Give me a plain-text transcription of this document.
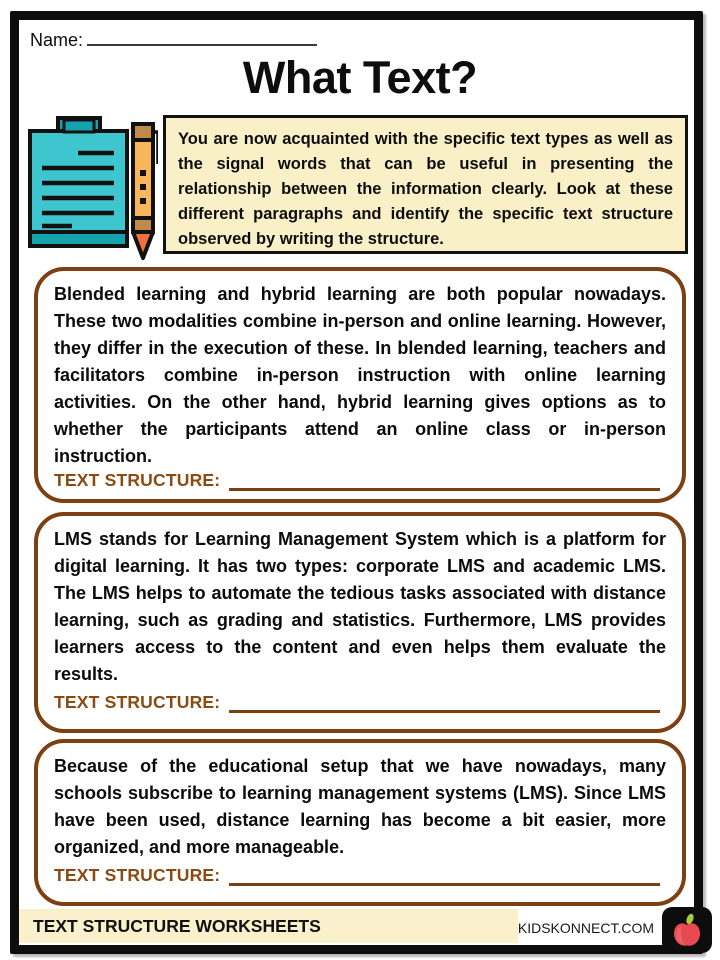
Name:
What Text?
You are now acquainted with the specific text types as well as the signal words that can be useful in presenting the relationship between the information clearly. Look at these different paragraphs and identify the specific text structure observed by writing the structure.

Blended learning and hybrid learning are both popular nowadays. These two modalities combine in-person and online learning. However, they differ in the execution of these. In blended learning, teachers and facilitators combine in-person instruction with online learning activities. On the other hand, hybrid learning gives options as to whether the participants attend an online class or in-person instruction.

TEXT STRUCTURE:

LMS stands for Learning Management System which is a platform for digital learning. It has two types: corporate LMS and academic LMS. The LMS helps to automate the tedious tasks associated with distance learning, such as grading and statistics. Furthermore, LMS provides learners access to the content and even helps them evaluate the results.

TEXT STRUCTURE:

Because of the educational setup that we have nowadays, many schools subscribe to learning management systems (LMS). Since LMS have been used, distance learning has become a bit easier, more organized, and more manageable.

TEXT STRUCTURE:
TEXT STRUCTURE WORKSHEETS	KIDSKONNECT.COM
